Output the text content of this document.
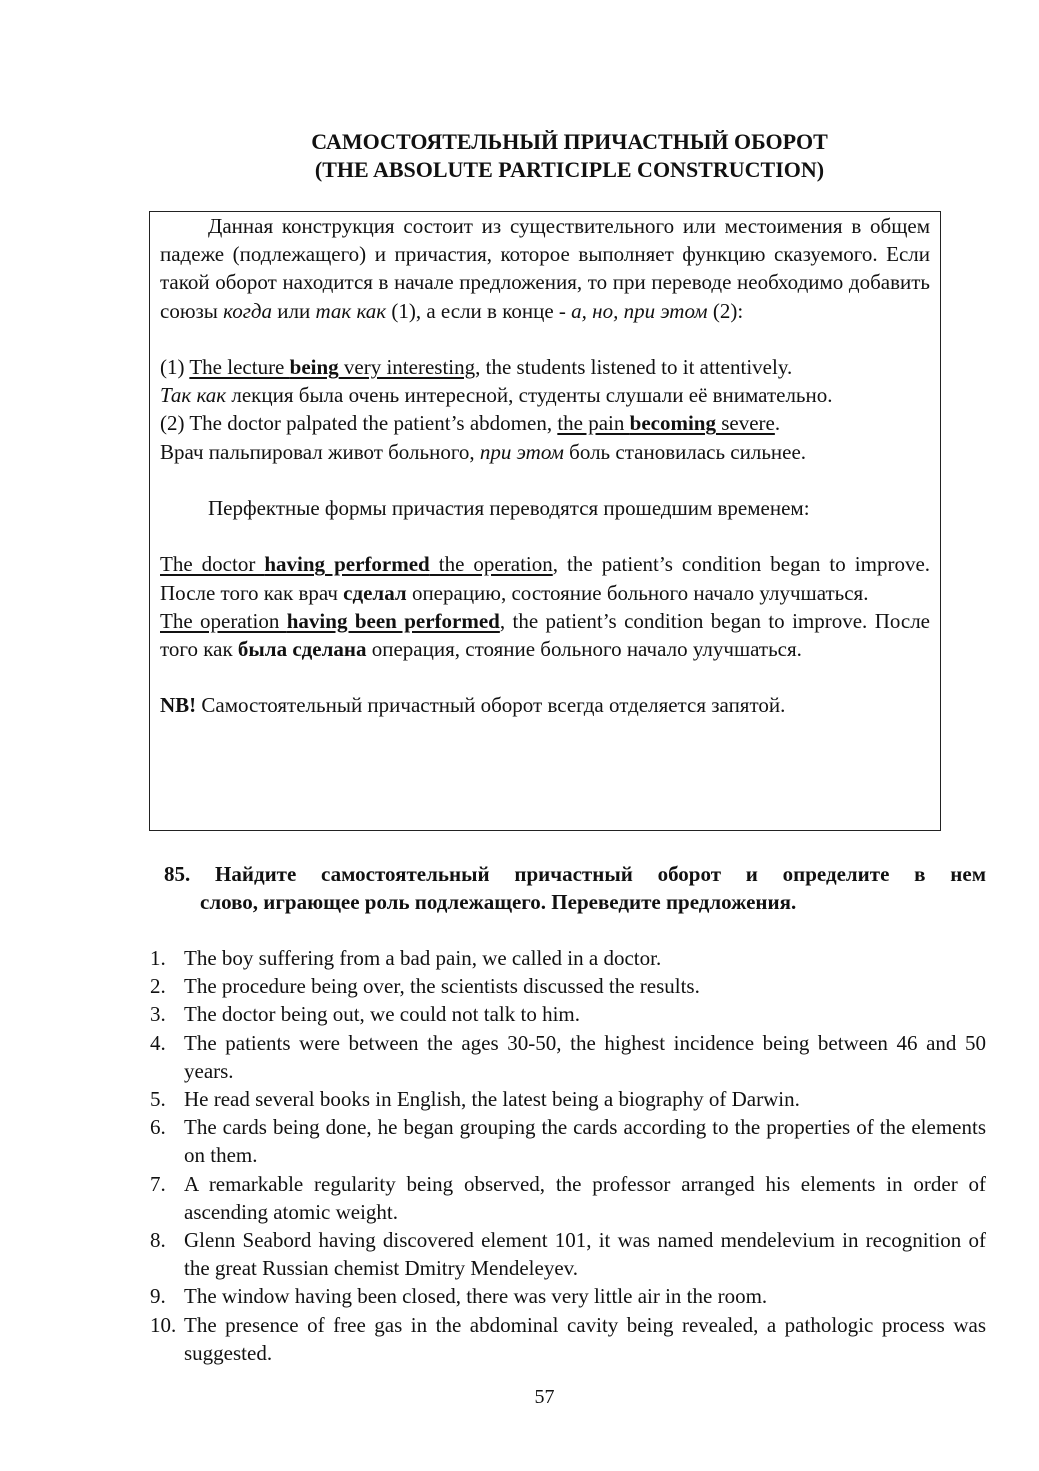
САМОСТОЯТЕЛЬНЫЙ ПРИЧАСТНЫЙ ОБОРОТ
(THE ABSOLUTE PARTICIPLE CONSTRUCTION)

Данная конструкция состоит из существительного или местоимения в общем падеже (подлежащего) и причастия, которое выполняет функцию сказуемого. Если такой оборот находится в начале предложения, то при переводе необходимо добавить союзы когда или так как (1), а если в конце - а, но, при этом (2):

(1) The lecture being very interesting, the students listened to it attentively.

Так как лекция была очень интересной, студенты слушали её внимательно.

(2) The doctor palpated the patient’s abdomen, the pain becoming severe.

Врач пальпировал живот больного, при этом боль становилась сильнее.

Перфектные формы причастия переводятся прошедшим временем:

The doctor having performed the operation, the patient’s condition began to improve. После того как врач сделал операцию, состояние больного начало улучшаться.

The operation having been performed, the patient’s condition began to improve. После того как была сделана операция, стояние больного начало улучшаться.

NB! Самостоятельный причастный оборот всегда отделяется запятой.

85. Найдите самостоятельный причастный оборот и определите в нем
слово, играющее роль подлежащего. Переведите предложения.
1. The boy suffering from a bad pain, we called in a doctor.
2. The procedure being over, the scientists discussed the results.
3. The doctor being out, we could not talk to him.
4. The patients were between the ages 30-50, the highest incidence being between 46 and 50 years.
5. He read several books in English, the latest being a biography of Darwin.
6. The cards being done, he began grouping the cards according to the properties of the elements on them.
7. A remarkable regularity being observed, the professor arranged his elements in order of ascending atomic weight.
8. Glenn Seabord having discovered element 101, it was named mendelevium in recognition of the great Russian chemist Dmitry Mendeleyev.
9. The window having been closed, there was very little air in the room.
10. The presence of free gas in the abdominal cavity being revealed, a pathologic process was suggested.
57
